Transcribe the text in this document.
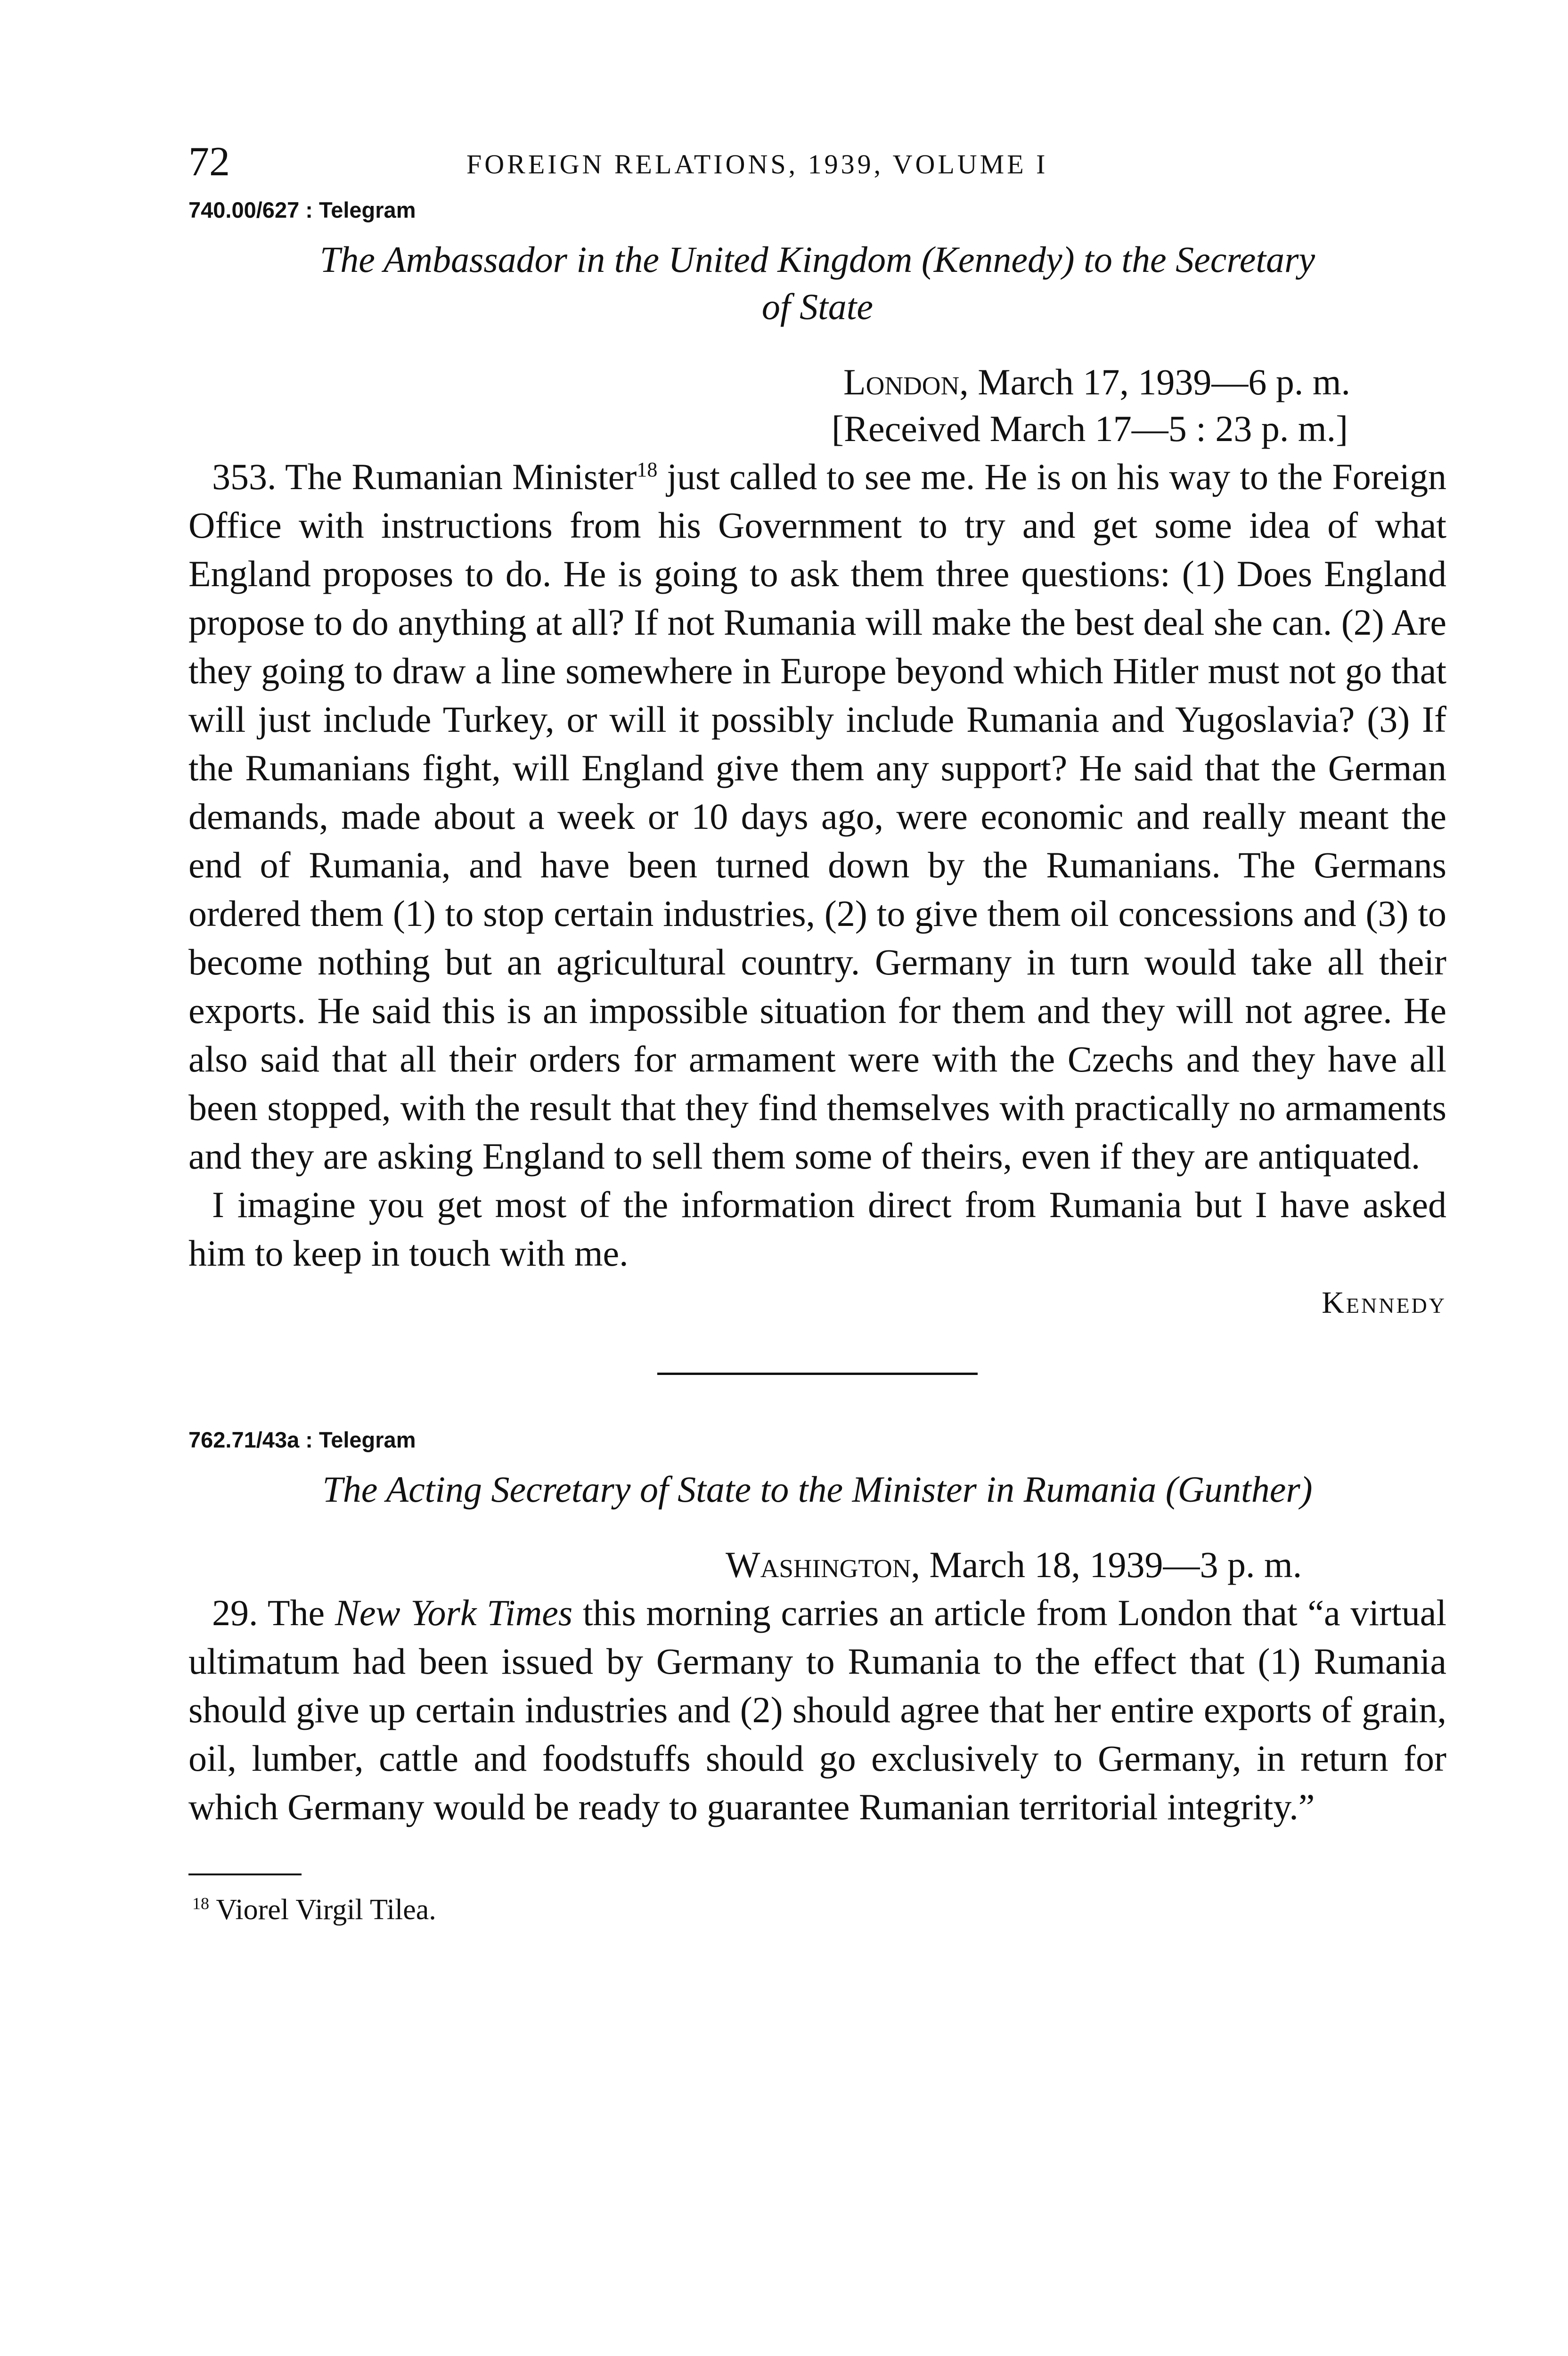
72	FOREIGN RELATIONS, 1939, VOLUME I
740.00/627 : Telegram
The Ambassador in the United Kingdom (Kennedy) to the Secretary
of State
London, March 17, 1939—6 p. m.
[Received March 17—5 : 23 p. m.]

353. The Rumanian Minister$^{18}$ just called to see me. He is on his way to the Foreign Office with instructions from his Government to try and get some idea of what England proposes to do. He is going to ask them three questions: (1) Does England propose to do anything at all? If not Rumania will make the best deal she can. (2) Are they going to draw a line somewhere in Europe beyond which Hitler must not go that will just include Turkey, or will it possibly include Rumania and Yugoslavia? (3) If the Rumanians fight, will England give them any support? He said that the German demands, made about a week or 10 days ago, were economic and really meant the end of Rumania, and have been turned down by the Rumanians. The Germans ordered them (1) to stop certain industries, (2) to give them oil concessions and (3) to become nothing but an agricultural country. Germany in turn would take all their exports. He said this is an impossible situation for them and they will not agree. He also said that all their orders for armament were with the Czechs and they have all been stopped, with the result that they find themselves with practically no armaments and they are asking England to sell them some of theirs, even if they are antiquated.

I imagine you get most of the information direct from Rumania but I have asked him to keep in touch with me.

Kennedy
762.71/43a : Telegram
The Acting Secretary of State to the Minister in Rumania (Gunther)
Washington, March 18, 1939—3 p. m.

29. The New York Times this morning carries an article from London that “a virtual ultimatum had been issued by Germany to Rumania to the effect that (1) Rumania should give up certain industries and (2) should agree that her entire exports of grain, oil, lumber, cattle and foodstuffs should go exclusively to Germany, in return for which Germany would be ready to guarantee Rumanian territorial integrity.”

$^{18}$ Viorel Virgil Tilea.
